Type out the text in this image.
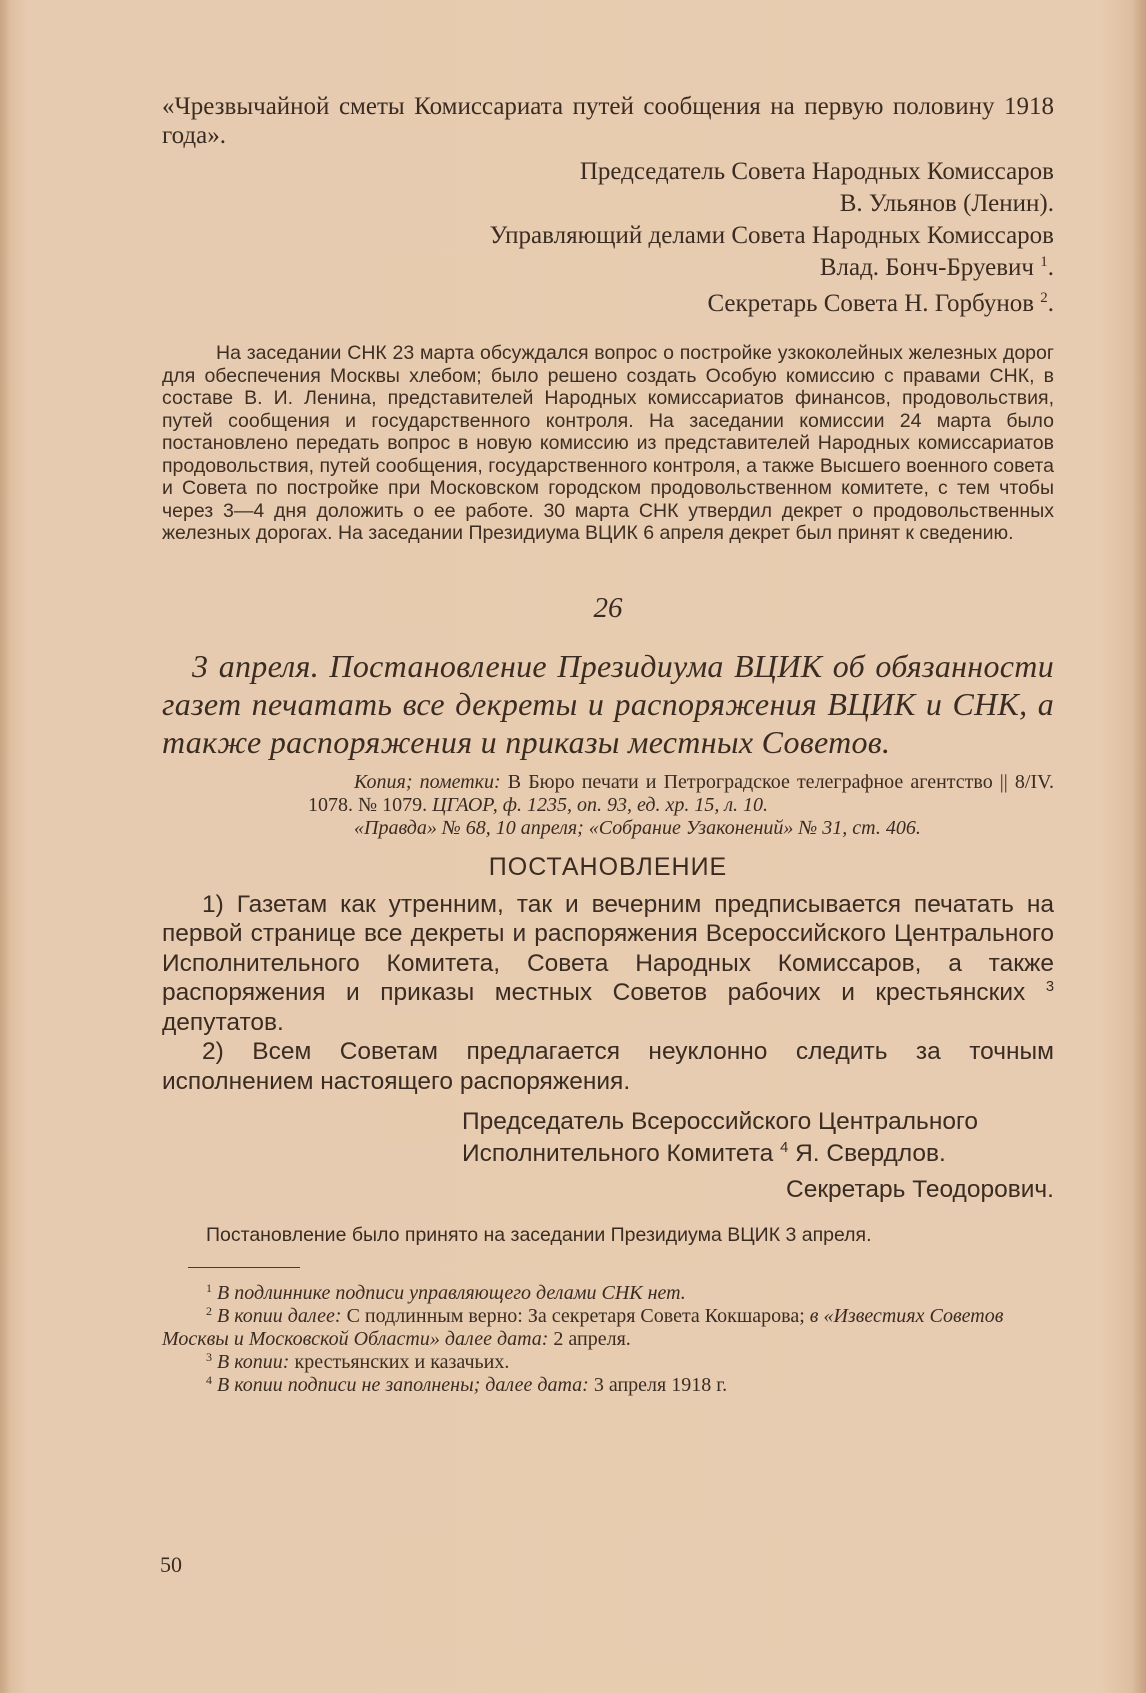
«Чрезвычайной сметы Комиссариата путей сообщения на первую половину 1918 года».

Председатель Совета Народных Комиссаров

В. Ульянов (Ленин).

Управляющий делами Совета Народных Комиссаров

Влад. Бонч-Бруевич $^1$.

Секретарь Совета Н. Горбунов $^2$.

На заседании СНК 23 марта обсуждался вопрос о постройке узкоколейных железных дорог для обеспечения Москвы хлебом; было решено создать Особую комиссию с правами СНК, в составе В. И. Ленина, представителей Народных комиссариатов финансов, продовольствия, путей сообщения и государственного контроля. На заседании комиссии 24 марта было постановлено передать вопрос в новую комиссию из представителей Народных комиссариатов продовольствия, путей сообщения, государственного контроля, а также Высшего военного совета и Совета по постройке при Московском городском продовольственном комитете, с тем чтобы через 3—4 дня доложить о ее работе. 30 марта СНК утвердил декрет о продовольственных железных дорогах. На заседании Президиума ВЦИК 6 апреля декрет был принят к сведению.

26

3 апреля. Постановление Президиума ВЦИК об обязанности газет печатать все декреты и распоряжения ВЦИК и СНК, а также распоряжения и приказы местных Советов.

Копия; пометки: В Бюро печати и Петроградское телеграфное агентство || 8/IV. 1078. № 1079. ЦГАОР, ф. 1235, оп. 93, ед. хр. 15, л. 10.

«Правда» № 68, 10 апреля; «Собрание Узаконений» № 31, ст. 406.

ПОСТАНОВЛЕНИЕ

1) Газетам как утренним, так и вечерним предписывается печатать на первой странице все декреты и распоряжения Всероссийского Центрального Исполнительного Комитета, Совета Народных Комиссаров, а также распоряжения и приказы местных Советов рабочих и крестьянских $^3$ депутатов.

2) Всем Советам предлагается неуклонно следить за точным исполнением настоящего распоряжения.

Председатель Всероссийского Центрального

Исполнительного Комитета $^4$ Я. Свердлов.

Секретарь Теодорович.

Постановление было принято на заседании Президиума ВЦИК 3 апреля.

$^1$ В подлиннике подписи управляющего делами СНК нет.

$^2$ В копии далее: С подлинным верно: За секретаря Совета Кокшарова; в «Известиях Советов Москвы и Московской Области» далее дата: 2 апреля.

$^3$ В копии: крестьянских и казачьих.

$^4$ В копии подписи не заполнены; далее дата: 3 апреля 1918 г.

50
